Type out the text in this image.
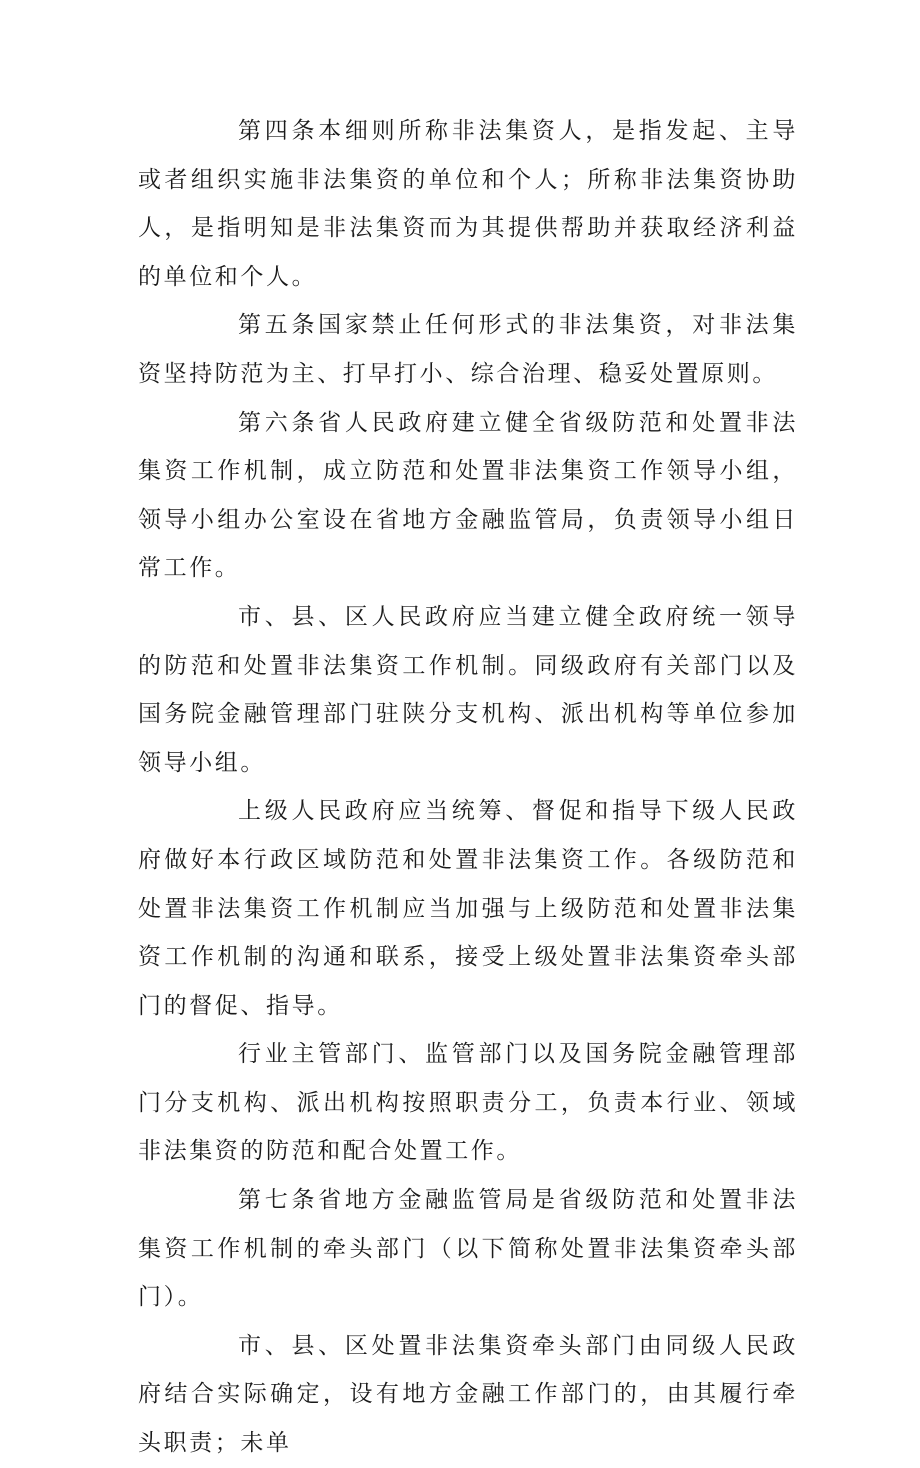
第四条本细则所称非法集资人，是指发起、主导或者组织实施非法集资的单位和个人；所称非法集资协助人，是指明知是非法集资而为其提供帮助并获取经济利益的单位和个人。

第五条国家禁止任何形式的非法集资，对非法集资坚持防范为主、打早打小、综合治理、稳妥处置原则。

第六条省人民政府建立健全省级防范和处置非法集资工作机制，成立防范和处置非法集资工作领导小组，领导小组办公室设在省地方金融监管局，负责领导小组日常工作。

市、县、区人民政府应当建立健全政府统一领导的防范和处置非法集资工作机制。同级政府有关部门以及国务院金融管理部门驻陕分支机构、派出机构等单位参加领导小组。

上级人民政府应当统筹、督促和指导下级人民政府做好本行政区域防范和处置非法集资工作。各级防范和处置非法集资工作机制应当加强与上级防范和处置非法集资工作机制的沟通和联系，接受上级处置非法集资牵头部门的督促、指导。

行业主管部门、监管部门以及国务院金融管理部门分支机构、派出机构按照职责分工，负责本行业、领域非法集资的防范和配合处置工作。

第七条省地方金融监管局是省级防范和处置非法集资工作机制的牵头部门（以下简称处置非法集资牵头部门）。

市、县、区处置非法集资牵头部门由同级人民政府结合实际确定，设有地方金融工作部门的，由其履行牵头职责；未单
